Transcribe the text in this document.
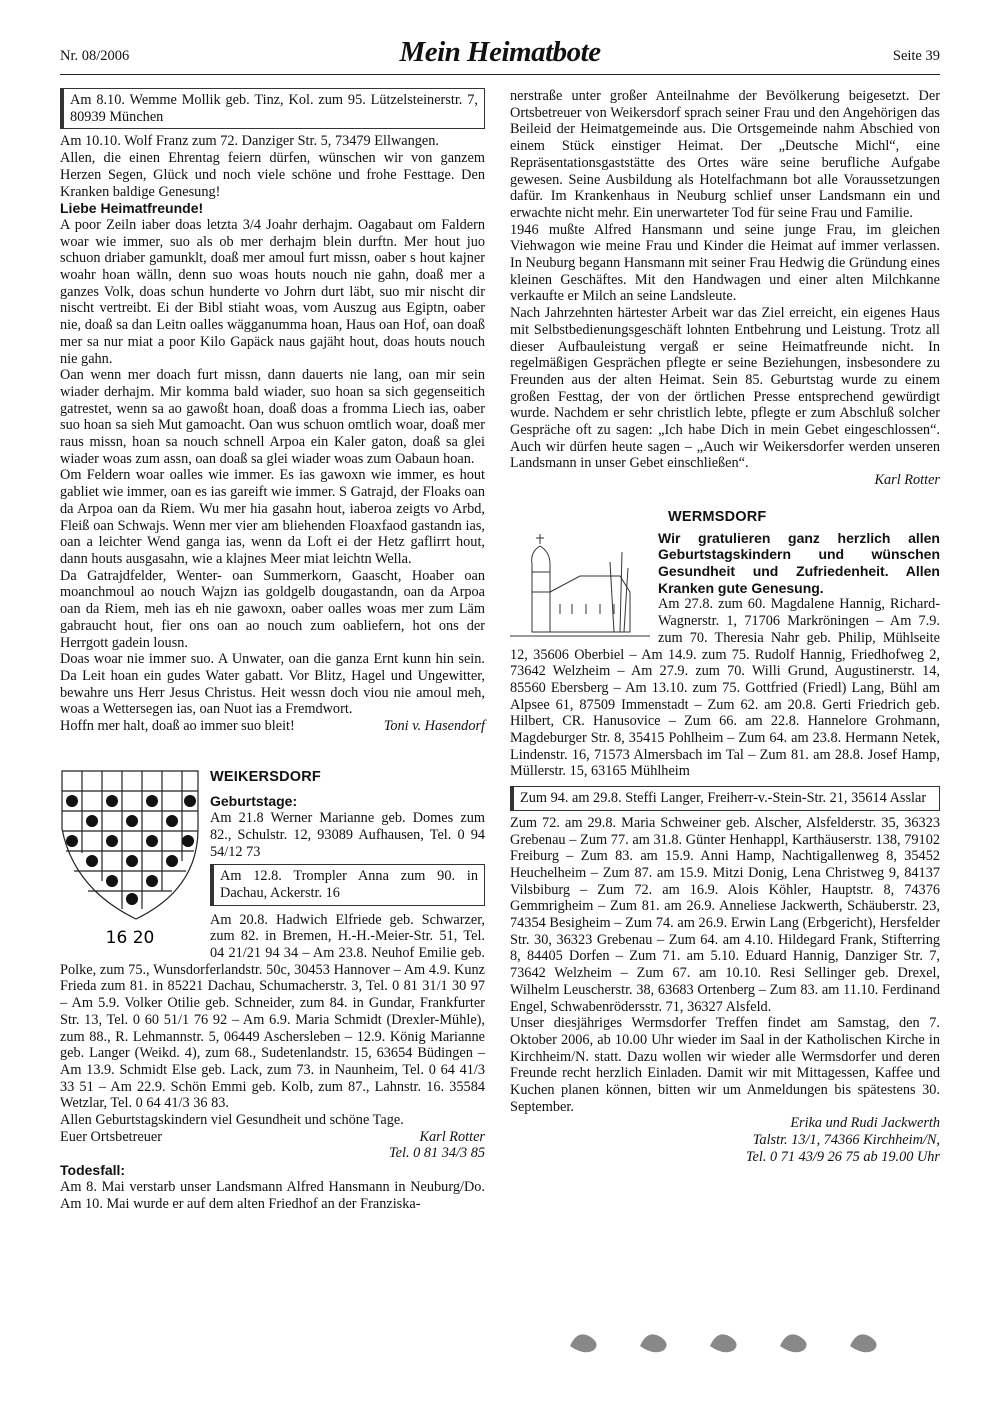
Nr. 08/2006	Mein Heimatbote	Seite 39

Am 8.10. Wemme Mollik geb. Tinz, Kol. zum 95. Lützelsteinerstr. 7, 80939 München

Am 10.10. Wolf Franz zum 72. Danziger Str. 5, 73479 Ellwangen.

Allen, die einen Ehrentag feiern dürfen, wünschen wir von ganzem Herzen Segen, Glück und noch viele schöne und frohe Festtage. Den Kranken baldige Genesung!

Liebe Heimatfreunde!

A poor Zeiln iaber doas letzta 3/4 Joahr derhajm. Oagabaut om Faldern woar wie immer, suo als ob mer derhajm blein durftn. Mer hout juo schuon driaber gamunklt, doaß mer amoul furt missn, oaber s hout kajner woahr hoan wälln, denn suo woas houts nouch nie gahn, doaß mer a ganzes Volk, doas schun hunderte vo Johrn durt läbt, suo mir nischt dir nischt vertreibt. Ei der Bibl stiaht woas, vom Auszug aus Egiptn, oaber nie, doaß sa dan Leitn oalles wägganumma hoan, Haus oan Hof, oan doaß mer sa nur miat a poor Kilo Gapäck naus gajäht hout, doas houts nouch nie gahn.

Oan wenn mer doach furt missn, dann dauerts nie lang, oan mir sein wiader derhajm. Mir komma bald wiader, suo hoan sa sich gegenseitich gatrestet, wenn sa ao gawoßt hoan, doaß doas a fromma Liech ias, oaber suo hoan sa sieh Mut gamoacht. Oan wus schuon omtlich woar, doaß mer raus missn, hoan sa nouch schnell Arpoa ein Kaler gaton, doaß sa glei wiader woas zum assn, oan doaß sa glei wiader woas zum Oabaun hoan.

Om Feldern woar oalles wie immer. Es ias gawoxn wie immer, es hout gabliet wie immer, oan es ias gareift wie immer. S Gatrajd, der Floaks oan da Arpoa oan da Riem. Wu mer hia gasahn hout, iaberoa zeigts vo Arbd, Fleiß oan Schwajs. Wenn mer vier am bliehenden Floaxfaod gastandn ias, oan a leichter Wend ganga ias, wenn da Loft ei der Hetz gaflirrt hout, dann houts ausgasahn, wie a klajnes Meer miat leichtn Wella.

Da Gatrajdfelder, Wenter- oan Summerkorn, Gaascht, Hoaber oan moanchmoul ao nouch Wajzn ias goldgelb dougastandn, oan da Arpoa oan da Riem, meh ias eh nie gawoxn, oaber oalles woas mer zum Läm gabraucht hout, fier ons oan ao nouch zum oabliefern, hot ons der Herrgott gadein lousn.

Doas woar nie immer suo. A Unwater, oan die ganza Ernt kunn hin sein. Da Leit hoan ein gudes Water gabatt. Vor Blitz, Hagel und Ungewitter, bewahre uns Herr Jesus Christus. Heit wessn doch viou nie amoul meh, woas a Wettersegen ias, oan Nuot ias a Fremdwort.

Hoffn mer halt, doaß ao immer suo bleit!	Toni v. Hasendorf

16 20

WEIKERSDORF

Geburtstage:

Am 21.8 Werner Marianne geb. Domes zum 82., Schulstr. 12, 93089 Aufhausen, Tel. 0 94 54/12 73

Am 12.8. Trompler Anna zum 90. in Dachau, Ackerstr. 16

Am 20.8. Hadwich Elfriede geb. Schwarzer, zum 82. in Bremen, H.-H.-Meier-Str. 51, Tel. 04 21/21 94 34 – Am 23.8. Neuhof Emilie geb. Polke, zum 75., Wunsdorferlandstr. 50c, 30453 Hannover – Am 4.9. Kunz Frieda zum 81. in 85221 Dachau, Schumacherstr. 3, Tel. 0 81 31/1 30 97 – Am 5.9. Volker Otilie geb. Schneider, zum 84. in Gundar, Frankfurter Str. 13, Tel. 0 60 51/1 76 92 – Am 6.9. Maria Schmidt (Drexler-Mühle), zum 88., R. Lehmannstr. 5, 06449 Aschersleben – 12.9. König Marianne geb. Langer (Weikd. 4), zum 68., Sudetenlandstr. 15, 63654 Büdingen – Am 13.9. Schmidt Else geb. Lack, zum 73. in Naunheim, Tel. 0 64 41/3 33 51 – Am 22.9. Schön Emmi geb. Kolb, zum 87., Lahnstr. 16. 35584 Wetzlar, Tel. 0 64 41/3 36 83.

Allen Geburtstagskindern viel Gesundheit und schöne Tage.

Euer Ortsbetreuer	Karl Rotter

Tel. 0 81 34/3 85

Todesfall:

Am 8. Mai verstarb unser Landsmann Alfred Hansmann in Neuburg/Do. Am 10. Mai wurde er auf dem alten Friedhof an der Franziska-

nerstraße unter großer Anteilnahme der Bevölkerung beigesetzt. Der Ortsbetreuer von Weikersdorf sprach seiner Frau und den Angehörigen das Beileid der Heimatgemeinde aus. Die Ortsgemeinde nahm Abschied von einem Stück einstiger Heimat. Der „Deutsche Michl“, eine Repräsentationsgaststätte des Ortes wäre seine berufliche Aufgabe gewesen. Seine Ausbildung als Hotelfachmann bot alle Voraussetzungen dafür. Im Krankenhaus in Neuburg schlief unser Landsmann ein und erwachte nicht mehr. Ein unerwarteter Tod für seine Frau und Familie.

1946 mußte Alfred Hansmann und seine junge Frau, im gleichen Viehwagon wie meine Frau und Kinder die Heimat auf immer verlassen. In Neuburg begann Hansmann mit seiner Frau Hedwig die Gründung eines kleinen Geschäftes. Mit den Handwagen und einer alten Milchkanne verkaufte er Milch an seine Landsleute.

Nach Jahrzehnten härtester Arbeit war das Ziel erreicht, ein eigenes Haus mit Selbstbedienungsgeschäft lohnten Entbehrung und Leistung. Trotz all dieser Aufbauleistung vergaß er seine Heimatfreunde nicht. In regelmäßigen Gesprächen pflegte er seine Beziehungen, insbesondere zu Freunden aus der alten Heimat. Sein 85. Geburtstag wurde zu einem großen Festtag, der von der örtlichen Presse entsprechend gewürdigt wurde. Nachdem er sehr christlich lebte, pflegte er zum Abschluß solcher Gespräche oft zu sagen: „Ich habe Dich in mein Gebet eingeschlossen“. Auch wir dürfen heute sagen – „Auch wir Weikersdorfer werden unseren Landsmann in unser Gebet einschließen“.

Karl Rotter

WERMSDORF

Wir gratulieren ganz herzlich allen Geburtstagskindern und wünschen Gesundheit und Zufriedenheit. Allen Kranken gute Genesung.

Am 27.8. zum 60. Magdalene Hannig, Richard-Wagnerstr. 1, 71706 Markröningen – Am 7.9. zum 70. Theresia Nahr geb. Philip, Mühlseite 12, 35606 Oberbiel – Am 14.9. zum 75. Rudolf Hannig, Friedhofweg 2, 73642 Welzheim – Am 27.9. zum 70. Willi Grund, Augustinerstr. 14, 85560 Ebersberg – Am 13.10. zum 75. Gottfried (Friedl) Lang, Bühl am Alpsee 61, 87509 Immenstadt – Zum 62. am 20.8. Gerti Friedrich geb. Hilbert, CR. Hanusovice – Zum 66. am 22.8. Hannelore Grohmann, Magdeburger Str. 8, 35415 Pohlheim – Zum 64. am 23.8. Hermann Netek, Lindenstr. 16, 71573 Almersbach im Tal – Zum 81. am 28.8. Josef Hamp, Müllerstr. 15, 63165 Mühlheim

Zum 94. am 29.8. Steffi Langer, Freiherr-v.-Stein-Str. 21, 35614 Asslar

Zum 72. am 29.8. Maria Schweiner geb. Alscher, Alsfelderstr. 35, 36323 Grebenau – Zum 77. am 31.8. Günter Henhappl, Karthäuserstr. 138, 79102 Freiburg – Zum 83. am 15.9. Anni Hamp, Nachtigallenweg 8, 35452 Heuchelheim – Zum 87. am 15.9. Mitzi Donig, Lena Christweg 9, 84137 Vilsbiburg – Zum 72. am 16.9. Alois Köhler, Hauptstr. 8, 74376 Gemmrigheim – Zum 81. am 26.9. Anneliese Jackwerth, Schäuberstr. 23, 74354 Besigheim – Zum 74. am 26.9. Erwin Lang (Erbgericht), Hersfelder Str. 30, 36323 Grebenau – Zum 64. am 4.10. Hildegard Frank, Stifterring 8, 84405 Dorfen – Zum 71. am 5.10. Eduard Hannig, Danziger Str. 7, 73642 Welzheim – Zum 67. am 10.10. Resi Sellinger geb. Drexel, Wilhelm Leuscherstr. 38, 63683 Ortenberg – Zum 83. am 11.10. Ferdinand Engel, Schwabenrödersstr. 71, 36327 Alsfeld.

Unser diesjähriges Wermsdorfer Treffen findet am Samstag, den 7. Oktober 2006, ab 10.00 Uhr wieder im Saal in der Katholischen Kirche in Kirchheim/N. statt. Dazu wollen wir wieder alle Wermsdorfer und deren Freunde recht herzlich Einladen. Damit wir mit Mittagessen, Kaffee und Kuchen planen können, bitten wir um Anmeldungen bis spätestens 30. September.

Erika und Rudi Jackwerth

Talstr. 13/1, 74366 Kirchheim/N,

Tel. 0 71 43/9 26 75 ab 19.00 Uhr
